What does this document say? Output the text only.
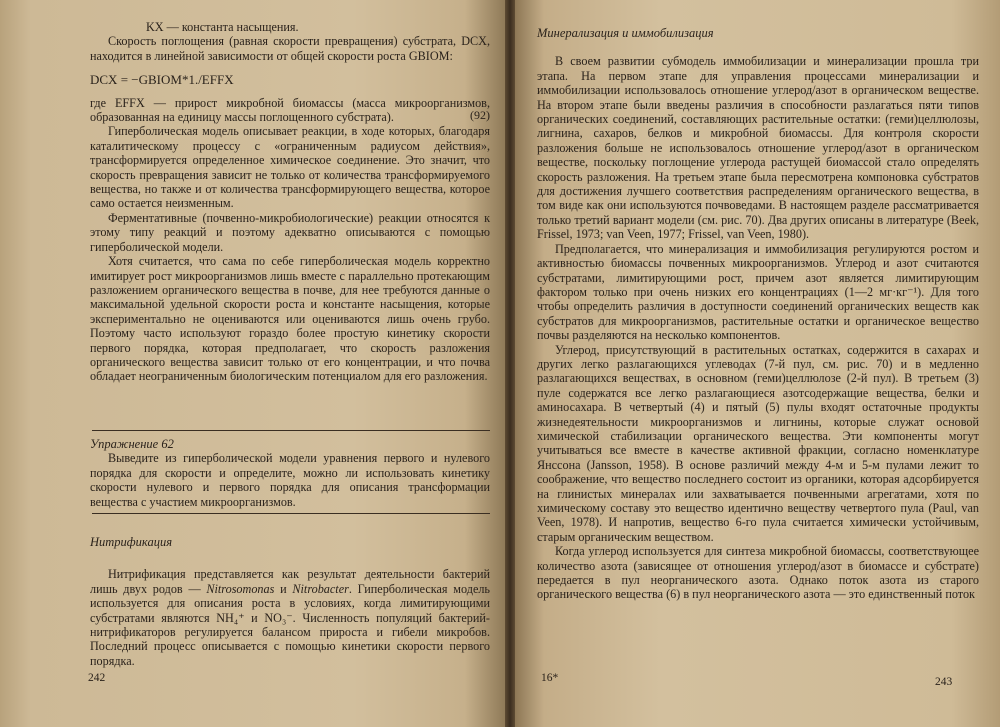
KX — константа насыщения.

Скорость поглощения (равная скорости превращения) субстрата, DCX, находится в линейной зависимости от общей скорости роста GBIOM:

DCX = −GBIOM*1./EFFX

(92)

где EFFX — прирост микробной биомассы (масса микроорганизмов, образованная на единицу массы поглощенного субстрата).

Гиперболическая модель описывает реакции, в ходе которых, благодаря каталитическому процессу с «ограниченным радиусом действия», трансформируется определенное химическое соединение. Это значит, что скорость превращения зависит не только от количества трансформируемого вещества, но также и от количества трансформирующего вещества, которое само остается неизменным.

Ферментативные (почвенно-микробиологические) реакции относятся к этому типу реакций и поэтому адекватно описываются с помощью гиперболической модели.

Хотя считается, что сама по себе гиперболическая модель корректно имитирует рост микроорганизмов лишь вместе с параллельно протекающим разложением органического вещества в почве, для нее требуются данные о максимальной удельной скорости роста и константе насыщения, которые экспериментально не оцениваются или оцениваются лишь очень грубо. Поэтому часто используют гораздо более простую кинетику скорости первого порядка, которая предполагает, что скорость разложения органического вещества зависит только от его концентрации, и что почва обладает неограниченным биологическим потенциалом для его разложения.

Упражнение 62

Выведите из гиперболической модели уравнения первого и нулевого порядка для скорости и определите, можно ли использовать кинетику скорости нулевого и первого порядка для описания трансформации вещества с участием микроорганизмов.

Нитрификация

Нитрификация представляется как результат деятельности бактерий лишь двух родов — Nitrosomonas и Nitrobacter. Гиперболическая модель используется для описания роста в условиях, когда лимитирующими субстратами являются NH₄⁺ и NO₃⁻. Численность популяций бактерий-нитрификаторов регулируется балансом прироста и гибели микробов. Последний процесс описывается с помощью кинетики скорости первого порядка.

242

Минерализация и иммобилизация

В своем развитии субмодель иммобилизации и минерализации прошла три этапа. На первом этапе для управления процессами минерализации и иммобилизации использовалось отношение углерод/азот в органическом веществе. На втором этапе были введены различия в способности разлагаться пяти типов органических соединений, составляющих растительные остатки: (геми)целлюлозы, лигнина, сахаров, белков и микробной биомассы. Для контроля скорости разложения больше не использовалось отношение углерод/азот в органическом веществе, поскольку поглощение углерода растущей биомассой стало определять скорость разложения. На третьем этапе была пересмотрена компоновка субстратов для достижения лучшего соответствия распределениям органического вещества, в том виде как они используются почвоведами. В настоящем разделе рассматривается только третий вариант модели (см. рис. 70). Два других описаны в литературе (Beek, Frissel, 1973; van Veen, 1977; Frissel, van Veen, 1980).

Предполагается, что минерализация и иммобилизация регулируются ростом и активностью биомассы почвенных микроорганизмов. Углерод и азот считаются субстратами, лимитирующими рост, причем азот является лимитирующим фактором только при очень низких его концентрациях (1—2 мг·кг⁻¹). Для того чтобы определить различия в доступности соединений органических веществ как субстратов для микроорганизмов, растительные остатки и органическое вещество почвы разделяются на несколько компонентов.

Углерод, присутствующий в растительных остатках, содержится в сахарах и других легко разлагающихся углеводах (7-й пул, см. рис. 70) и в медленно разлагающихся веществах, в основном (геми)целлюлозе (2-й пул). В третьем (3) пуле содержатся все легко разлагающиеся азотсодержащие вещества, белки и аминосахара. В четвертый (4) и пятый (5) пулы входят остаточные продукты жизнедеятельности микроорганизмов и лигнины, которые служат основой химической стабилизации органического вещества. Эти компоненты могут учитываться все вместе в качестве активной фракции, согласно номенклатуре Янссона (Jansson, 1958). В основе различий между 4-м и 5-м пулами лежит то соображение, что вещество последнего состоит из органики, которая адсорбируется на глинистых минералах или захватывается почвенными агрегатами, хотя по химическому составу это вещество идентично веществу четвертого пула (Paul, van Veen, 1978). И напротив, вещество 6-го пула считается химически устойчивым, старым органическим веществом.

Когда углерод используется для синтеза микробной биомассы, соответствующее количество азота (зависящее от отношения углерод/азот в биомассе и субстрате) передается в пул неорганического азота. Однако поток азота из старого органического вещества (6) в пул неорганического азота — это единственный поток

16*	243
